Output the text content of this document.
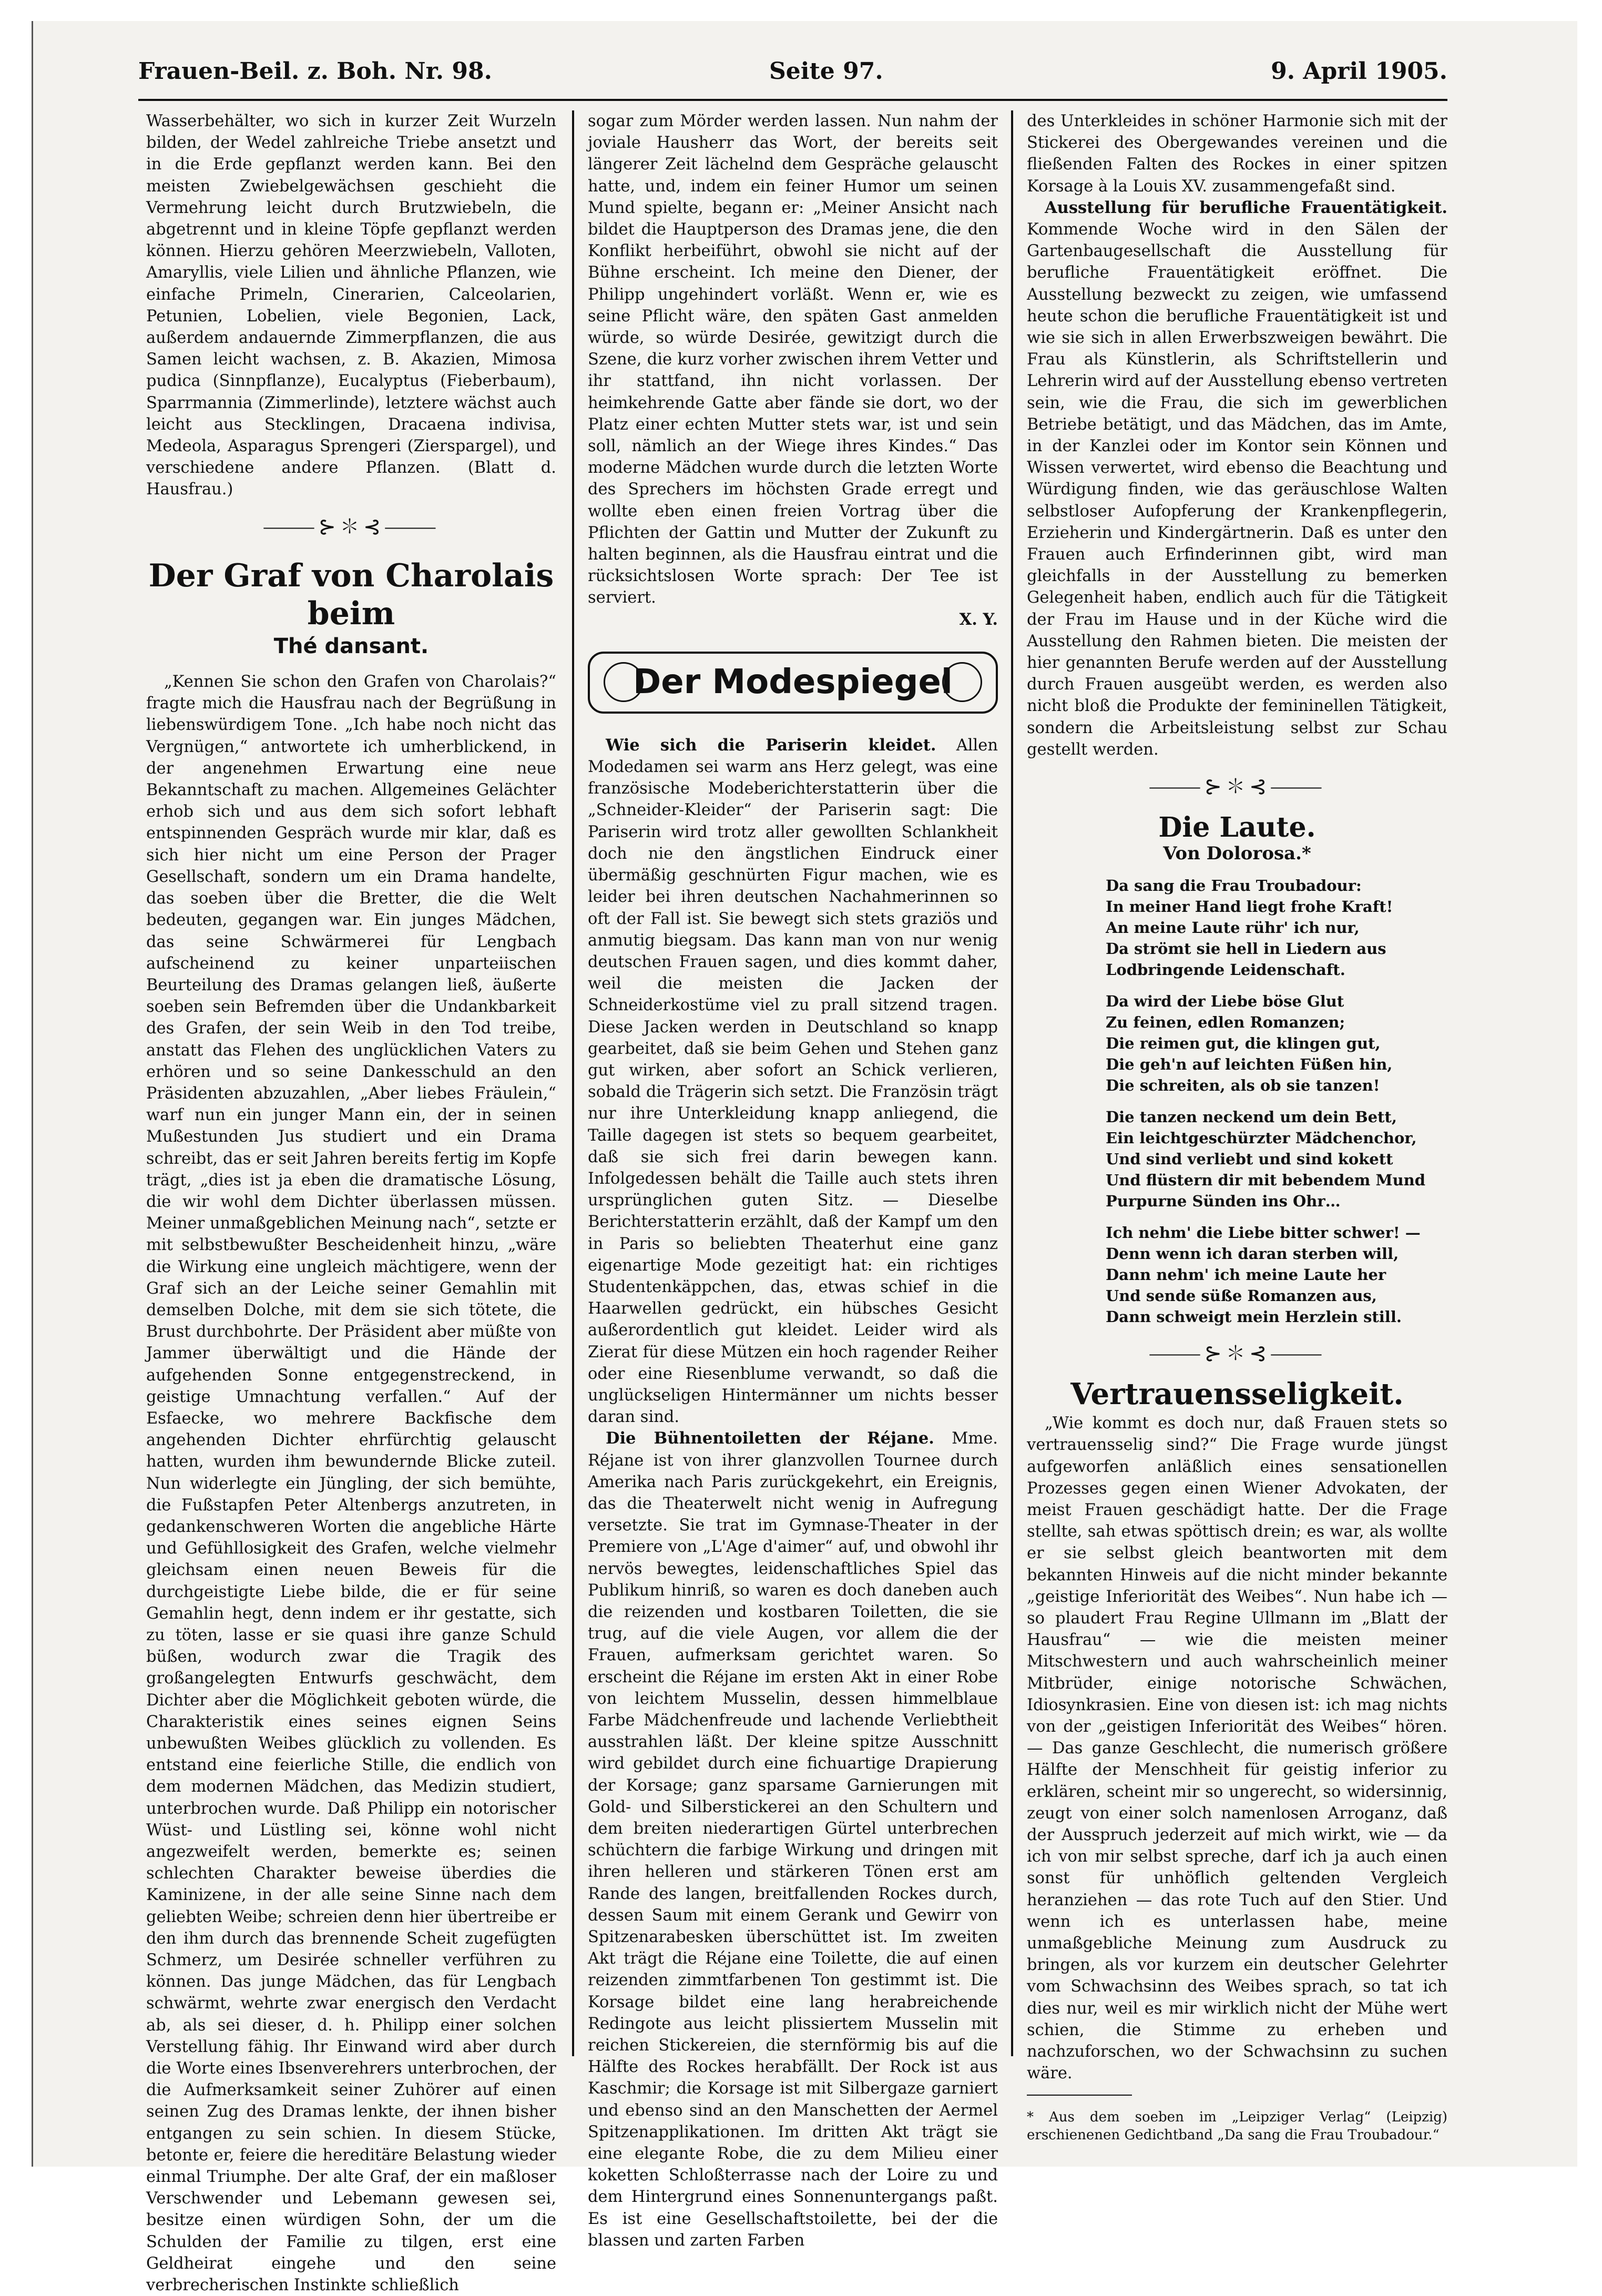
Frauen-Beil. z. Boh. Nr. 98.	Seite 97.	9. April 1905.

Wasserbehälter, wo sich in kurzer Zeit Wurzeln bilden, der Wedel zahlreiche Triebe ansetzt und in die Erde gepflanzt werden kann. Bei den meisten Zwiebelgewächsen geschieht die Vermehrung leicht durch Brutzwiebeln, die abgetrennt und in kleine Töpfe gepflanzt werden können. Hierzu gehören Meerzwiebeln, Valloten, Amaryllis, viele Lilien und ähnliche Pflanzen, wie einfache Primeln, Cinerarien, Calceolarien, Petunien, Lobelien, viele Begonien, Lack, außerdem andauernde Zimmerpflanzen, die aus Samen leicht wachsen, z. B. Akazien, Mimosa pudica (Sinnpflanze), Eucalyptus (Fieberbaum), Sparrmannia (Zimmerlinde), letztere wächst auch leicht aus Stecklingen, Dracaena indivisa, Medeola, Asparagus Sprengeri (Zierspargel), und verschiedene andere Pflanzen. (Blatt d. Hausfrau.)

⸻⊱✽⊰⸻
Der Graf von Charolais beim
Thé dansant.

„Kennen Sie schon den Grafen von Charolais?“ fragte mich die Hausfrau nach der Begrüßung in liebenswürdigem Tone. „Ich habe noch nicht das Vergnügen,“ antwortete ich umherblickend, in der angenehmen Erwartung eine neue Bekanntschaft zu machen. Allgemeines Gelächter erhob sich und aus dem sich sofort lebhaft entspinnenden Gespräch wurde mir klar, daß es sich hier nicht um eine Person der Prager Gesellschaft, sondern um ein Drama handelte, das soeben über die Bretter, die die Welt bedeuten, gegangen war. Ein junges Mädchen, das seine Schwärmerei für Lengbach aufscheinend zu keiner unparteiischen Beurteilung des Dramas gelangen ließ, äußerte soeben sein Befremden über die Undankbarkeit des Grafen, der sein Weib in den Tod treibe, anstatt das Flehen des unglücklichen Vaters zu erhören und so seine Dankesschuld an den Präsidenten abzuzahlen, „Aber liebes Fräulein,“ warf nun ein junger Mann ein, der in seinen Mußestunden Jus studiert und ein Drama schreibt, das er seit Jahren bereits fertig im Kopfe trägt, „dies ist ja eben die dramatische Lösung, die wir wohl dem Dichter überlassen müssen. Meiner unmaßgeblichen Meinung nach“, setzte er mit selbstbewußter Bescheidenheit hinzu, „wäre die Wirkung eine ungleich mächtigere, wenn der Graf sich an der Leiche seiner Gemahlin mit demselben Dolche, mit dem sie sich tötete, die Brust durchbohrte. Der Präsident aber müßte von Jammer überwältigt und die Hände der aufgehenden Sonne entgegenstreckend, in geistige Umnachtung verfallen.“ Auf der Esfaecke, wo mehrere Backfische dem angehenden Dichter ehrfürchtig gelauscht hatten, wurden ihm bewundernde Blicke zuteil. Nun widerlegte ein Jüngling, der sich bemühte, die Fußstapfen Peter Altenbergs anzutreten, in gedankenschweren Worten die angebliche Härte und Gefühllosigkeit des Grafen, welche vielmehr gleichsam einen neuen Beweis für die durchgeistigte Liebe bilde, die er für seine Gemahlin hegt, denn indem er ihr gestatte, sich zu töten, lasse er sie quasi ihre ganze Schuld büßen, wodurch zwar die Tragik des großangelegten Entwurfs geschwächt, dem Dichter aber die Möglichkeit geboten würde, die Charakteristik eines seines eignen Seins unbewußten Weibes glücklich zu vollenden. Es entstand eine feierliche Stille, die endlich von dem modernen Mädchen, das Medizin studiert, unterbrochen wurde. Daß Philipp ein notorischer Wüst- und Lüstling sei, könne wohl nicht angezweifelt werden, bemerkte es; seinen schlechten Charakter beweise überdies die Kaminizene, in der alle seine Sinne nach dem geliebten Weibe; schreien denn hier übertreibe er den ihm durch das brennende Scheit zugefügten Schmerz, um Desirée schneller verführen zu können. Das junge Mädchen, das für Lengbach schwärmt, wehrte zwar energisch den Verdacht ab, als sei dieser, d. h. Philipp einer solchen Verstellung fähig. Ihr Einwand wird aber durch die Worte eines Ibsenverehrers unterbrochen, der die Aufmerksamkeit seiner Zuhörer auf einen seinen Zug des Dramas lenkte, der ihnen bisher entgangen zu sein schien. In diesem Stücke, betonte er, feiere die hereditäre Belastung wieder einmal Triumphe. Der alte Graf, der ein maßloser Verschwender und Lebemann gewesen sei, besitze einen würdigen Sohn, der um die Schulden der Familie zu tilgen, erst eine Geldheirat eingehe und den seine verbrecherischen Instinkte schließlich

sogar zum Mörder werden lassen. Nun nahm der joviale Hausherr das Wort, der bereits seit längerer Zeit lächelnd dem Gespräche gelauscht hatte, und, indem ein feiner Humor um seinen Mund spielte, begann er: „Meiner Ansicht nach bildet die Hauptperson des Dramas jene, die den Konflikt herbeiführt, obwohl sie nicht auf der Bühne erscheint. Ich meine den Diener, der Philipp ungehindert vorläßt. Wenn er, wie es seine Pflicht wäre, den späten Gast anmelden würde, so würde Desirée, gewitzigt durch die Szene, die kurz vorher zwischen ihrem Vetter und ihr stattfand, ihn nicht vorlassen. Der heimkehrende Gatte aber fände sie dort, wo der Platz einer echten Mutter stets war, ist und sein soll, nämlich an der Wiege ihres Kindes.“ Das moderne Mädchen wurde durch die letzten Worte des Sprechers im höchsten Grade erregt und wollte eben einen freien Vortrag über die Pflichten der Gattin und Mutter der Zukunft zu halten beginnen, als die Hausfrau eintrat und die rücksichtslosen Worte sprach: Der Tee ist serviert.

X. Y.
Der Modespiegel

Wie sich die Pariserin kleidet. Allen Modedamen sei warm ans Herz gelegt, was eine französische Modeberichterstatterin über die „Schneider-Kleider“ der Pariserin sagt: Die Pariserin wird trotz aller gewollten Schlankheit doch nie den ängstlichen Eindruck einer übermäßig geschnürten Figur machen, wie es leider bei ihren deutschen Nachahmerinnen so oft der Fall ist. Sie bewegt sich stets graziös und anmutig biegsam. Das kann man von nur wenig deutschen Frauen sagen, und dies kommt daher, weil die meisten die Jacken der Schneiderkostüme viel zu prall sitzend tragen. Diese Jacken werden in Deutschland so knapp gearbeitet, daß sie beim Gehen und Stehen ganz gut wirken, aber sofort an Schick verlieren, sobald die Trägerin sich setzt. Die Französin trägt nur ihre Unterkleidung knapp anliegend, die Taille dagegen ist stets so bequem gearbeitet, daß sie sich frei darin bewegen kann. Infolgedessen behält die Taille auch stets ihren ursprünglichen guten Sitz. — Dieselbe Berichterstatterin erzählt, daß der Kampf um den in Paris so beliebten Theaterhut eine ganz eigenartige Mode gezeitigt hat: ein richtiges Studentenkäppchen, das, etwas schief in die Haarwellen gedrückt, ein hübsches Gesicht außerordentlich gut kleidet. Leider wird als Zierat für diese Mützen ein hoch ragender Reiher oder eine Riesenblume verwandt, so daß die unglückseligen Hintermänner um nichts besser daran sind.

Die Bühnentoiletten der Réjane. Mme. Réjane ist von ihrer glanzvollen Tournee durch Amerika nach Paris zurückgekehrt, ein Ereignis, das die Theaterwelt nicht wenig in Aufregung versetzte. Sie trat im Gymnase-Theater in der Premiere von „L'Age d'aimer“ auf, und obwohl ihr nervös bewegtes, leidenschaftliches Spiel das Publikum hinriß, so waren es doch daneben auch die reizenden und kostbaren Toiletten, die sie trug, auf die viele Augen, vor allem die der Frauen, aufmerksam gerichtet waren. So erscheint die Réjane im ersten Akt in einer Robe von leichtem Musselin, dessen himmelblaue Farbe Mädchenfreude und lachende Verliebtheit ausstrahlen läßt. Der kleine spitze Ausschnitt wird gebildet durch eine fichuartige Drapierung der Korsage; ganz sparsame Garnierungen mit Gold- und Silberstickerei an den Schultern und dem breiten niederartigen Gürtel unterbrechen schüchtern die farbige Wirkung und dringen mit ihren helleren und stärkeren Tönen erst am Rande des langen, breitfallenden Rockes durch, dessen Saum mit einem Gerank und Gewirr von Spitzenarabesken überschüttet ist. Im zweiten Akt trägt die Réjane eine Toilette, die auf einen reizenden zimmtfarbenen Ton gestimmt ist. Die Korsage bildet eine lang herabreichende Redingote aus leicht plissiertem Musselin mit reichen Stickereien, die sternförmig bis auf die Hälfte des Rockes herabfällt. Der Rock ist aus Kaschmir; die Korsage ist mit Silbergaze garniert und ebenso sind an den Manschetten der Aermel Spitzenapplikationen. Im dritten Akt trägt sie eine elegante Robe, die zu dem Milieu einer koketten Schloßterrasse nach der Loire zu und dem Hintergrund eines Sonnenuntergangs paßt. Es ist eine Gesellschaftstoilette, bei der die blassen und zarten Farben

des Unterkleides in schöner Harmonie sich mit der Stickerei des Obergewandes vereinen und die fließenden Falten des Rockes in einer spitzen Korsage à la Louis XV. zusammengefaßt sind.

Ausstellung für berufliche Frauentätigkeit. Kommende Woche wird in den Sälen der Gartenbaugesellschaft die Ausstellung für berufliche Frauentätigkeit eröffnet. Die Ausstellung bezweckt zu zeigen, wie umfassend heute schon die berufliche Frauentätigkeit ist und wie sie sich in allen Erwerbszweigen bewährt. Die Frau als Künstlerin, als Schriftstellerin und Lehrerin wird auf der Ausstellung ebenso vertreten sein, wie die Frau, die sich im gewerblichen Betriebe betätigt, und das Mädchen, das im Amte, in der Kanzlei oder im Kontor sein Können und Wissen verwertet, wird ebenso die Beachtung und Würdigung finden, wie das geräuschlose Walten selbstloser Aufopferung der Krankenpflegerin, Erzieherin und Kindergärtnerin. Daß es unter den Frauen auch Erfinderinnen gibt, wird man gleichfalls in der Ausstellung zu bemerken Gelegenheit haben, endlich auch für die Tätigkeit der Frau im Hause und in der Küche wird die Ausstellung den Rahmen bieten. Die meisten der hier genannten Berufe werden auf der Ausstellung durch Frauen ausgeübt werden, es werden also nicht bloß die Produkte der femininellen Tätigkeit, sondern die Arbeitsleistung selbst zur Schau gestellt werden.

⸻⊱✽⊰⸻
Die Laute.
Von Dolorosa.*
Da sang die Frau Troubadour:
In meiner Hand liegt frohe Kraft!
An meine Laute rühr' ich nur,
Da strömt sie hell in Liedern aus
Lodbringende Leidenschaft.
Da wird der Liebe böse Glut
Zu feinen, edlen Romanzen;
Die reimen gut, die klingen gut,
Die geh'n auf leichten Füßen hin,
Die schreiten, als ob sie tanzen!
Die tanzen neckend um dein Bett,
Ein leichtgeschürzter Mädchenchor,
Und sind verliebt und sind kokett
Und flüstern dir mit bebendem Mund
Purpurne Sünden ins Ohr…
Ich nehm' die Liebe bitter schwer! —
Denn wenn ich daran sterben will,
Dann nehm' ich meine Laute her
Und sende süße Romanzen aus,
Dann schweigt mein Herzlein still.
⸻⊱✽⊰⸻
Vertrauensseligkeit.

„Wie kommt es doch nur, daß Frauen stets so vertrauensselig sind?“ Die Frage wurde jüngst aufgeworfen anläßlich eines sensationellen Prozesses gegen einen Wiener Advokaten, der meist Frauen geschädigt hatte. Der die Frage stellte, sah etwas spöttisch drein; es war, als wollte er sie selbst gleich beantworten mit dem bekannten Hinweis auf die nicht minder bekannte „geistige Inferiorität des Weibes“. Nun habe ich — so plaudert Frau Regine Ullmann im „Blatt der Hausfrau“ — wie die meisten meiner Mitschwestern und auch wahrscheinlich meiner Mitbrüder, einige notorische Schwächen, Idiosynkrasien. Eine von diesen ist: ich mag nichts von der „geistigen Inferiorität des Weibes“ hören. — Das ganze Geschlecht, die numerisch größere Hälfte der Menschheit für geistig inferior zu erklären, scheint mir so ungerecht, so widersinnig, zeugt von einer solch namenlosen Arroganz, daß der Ausspruch jederzeit auf mich wirkt, wie — da ich von mir selbst spreche, darf ich ja auch einen sonst für unhöflich geltenden Vergleich heranziehen — das rote Tuch auf den Stier. Und wenn ich es unterlassen habe, meine unmaßgebliche Meinung zum Ausdruck zu bringen, als vor kurzem ein deutscher Gelehrter vom Schwachsinn des Weibes sprach, so tat ich dies nur, weil es mir wirklich nicht der Mühe wert schien, die Stimme zu erheben und nachzuforschen, wo der Schwachsinn zu suchen wäre.

* Aus dem soeben im „Leipziger Verlag“ (Leipzig) erschienenen Gedichtband „Da sang die Frau Troubadour.“
